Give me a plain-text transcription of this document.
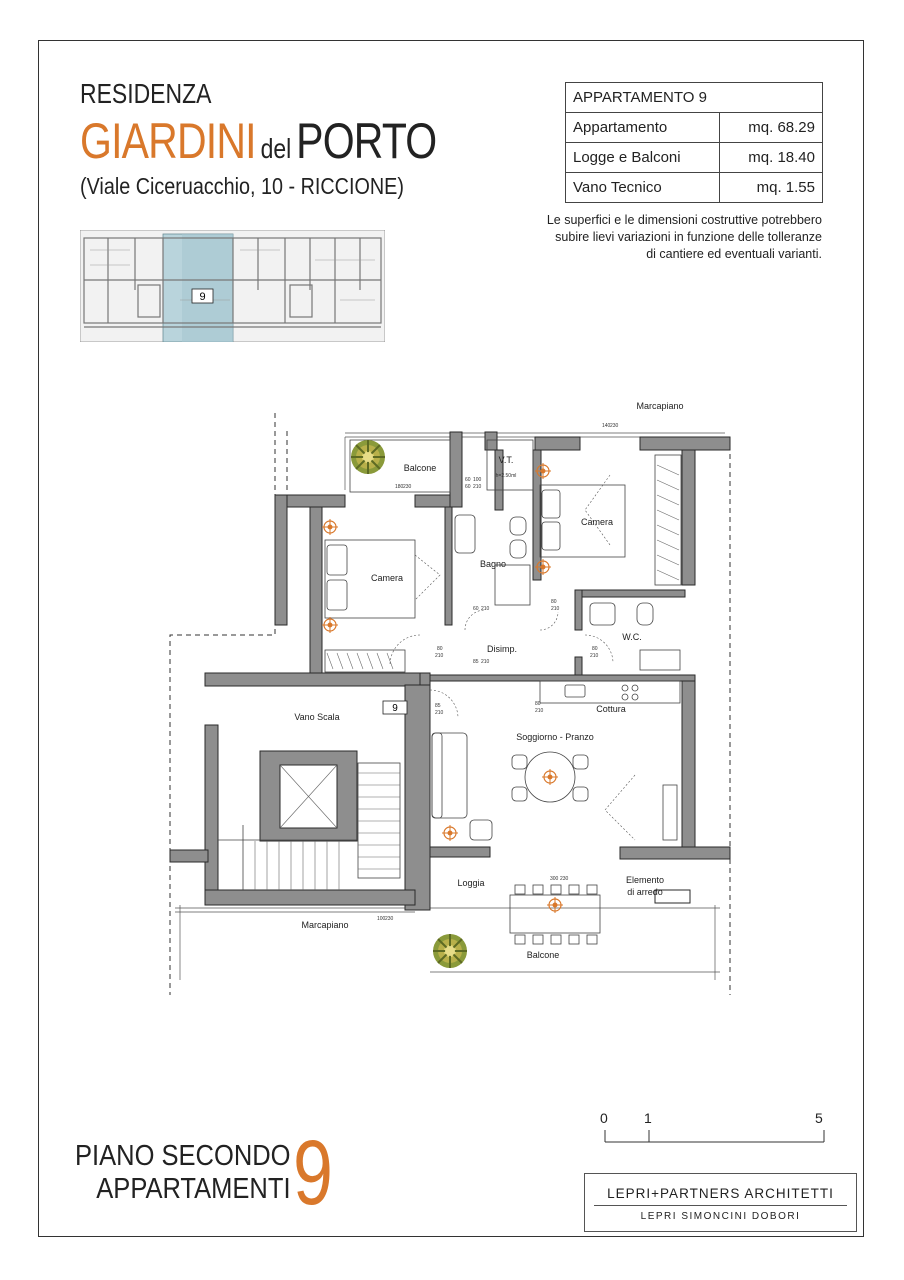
RESIDENZA
GIARDINI delPORTO
(Viale Ciceruacchio, 10 - RICCIONE)
APPARTAMENTO 9	
Appartamento	mq. 68.29
Logge e Balconi	mq. 18.40
Vano Tecnico	mq. 1.55
Le superfici e le dimensioni costruttive potrebbero
subire lievi variazioni in funzione delle tolleranze
di cantiere ed eventuali varianti.
9
9
Balcone
V.T.
h=2.50ml
Camera
Camera
Bagno
Disimp.
W.C.
Vano Scala
Cottura
Soggiorno - Pranzo
Loggia
Balcone
Elemento
di arredo
Marcapiano
Marcapiano
80
210
85
210
80
210
80
210
85 210
60 210
60 210
80
210
180 230
60 100
140 230
300 230
100 230
0	1	5
PIANO SECONDO
APPARTAMENTI 9	LEPRI+PARTNERS ARCHITETTI
LEPRI SIMONCINI DOBORI
